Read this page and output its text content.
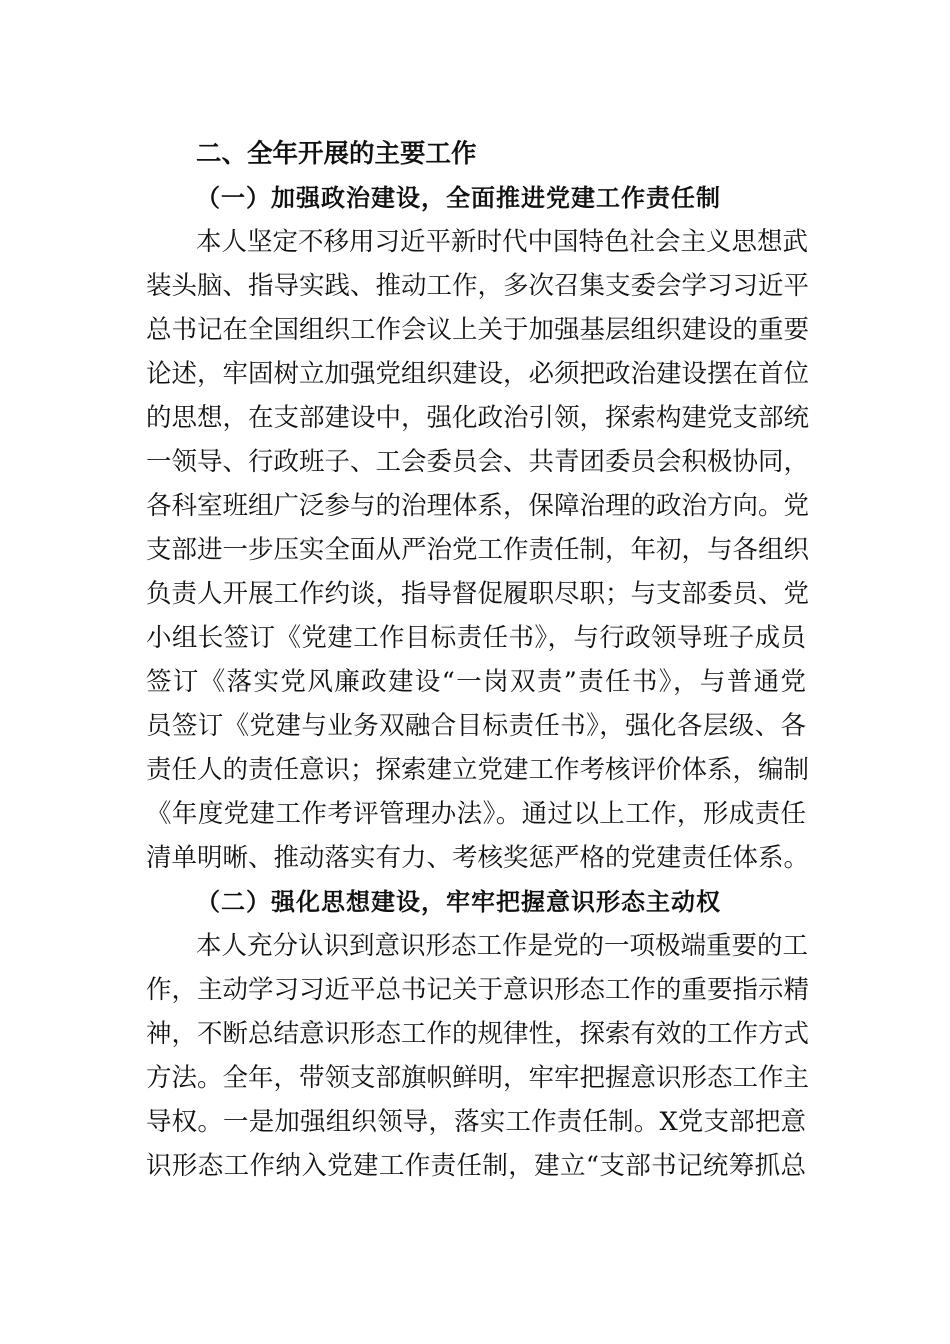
二、全年开展的主要工作
（一）加强政治建设，全面推进党建工作责任制
本人坚定不移用习近平新时代中国特色社会主义思想武
装头脑、指导实践、推动工作，多次召集支委会学习习近平
总书记在全国组织工作会议上关于加强基层组织建设的重要
论述，牢固树立加强党组织建设，必须把政治建设摆在首位
的思想，在支部建设中，强化政治引领，探索构建党支部统
一领导、行政班子、工会委员会、共青团委员会积极协同，
各科室班组广泛参与的治理体系，保障治理的政治方向。党
支部进一步压实全面从严治党工作责任制，年初，与各组织
负责人开展工作约谈，指导督促履职尽职；与支部委员、党
小组长签订《党建工作目标责任书》，与行政领导班子成员
签订《落实党风廉政建设“一岗双责”责任书》，与普通党
员签订《党建与业务双融合目标责任书》，强化各层级、各
责任人的责任意识；探索建立党建工作考核评价体系，编制
《年度党建工作考评管理办法》。通过以上工作，形成责任
清单明晰、推动落实有力、考核奖惩严格的党建责任体系。
（二）强化思想建设，牢牢把握意识形态主动权
本人充分认识到意识形态工作是党的一项极端重要的工
作，主动学习习近平总书记关于意识形态工作的重要指示精
神，不断总结意识形态工作的规律性，探索有效的工作方式
方法。全年，带领支部旗帜鲜明，牢牢把握意识形态工作主
导权。一是加强组织领导，落实工作责任制。X党支部把意
识形态工作纳入党建工作责任制，建立“支部书记统筹抓总
